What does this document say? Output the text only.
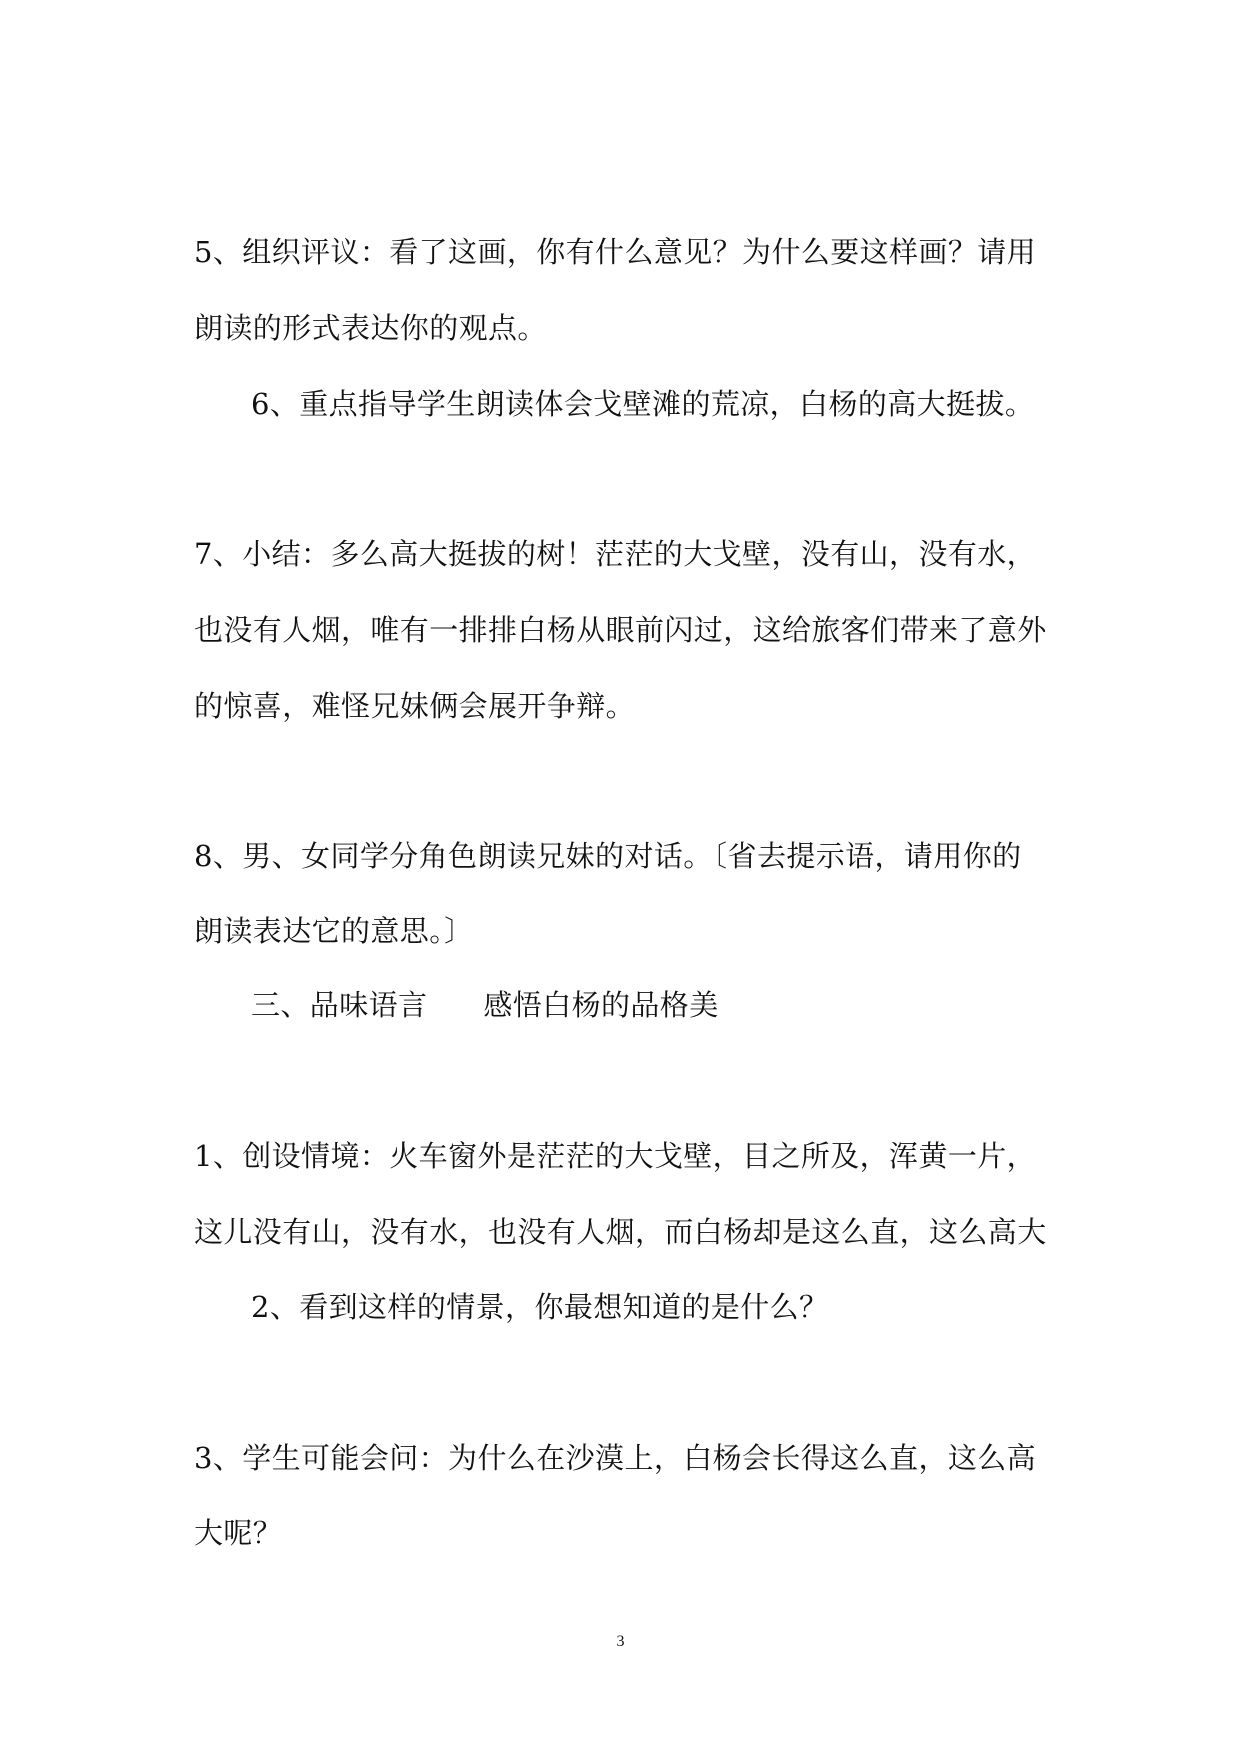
5、组织评议：看了这画，你有什么意见？为什么要这样画？请用
朗读的形式表达你的观点。
6、重点指导学生朗读体会戈壁滩的荒凉，白杨的高大挺拔。
7、小结：多么高大挺拔的树！茫茫的大戈壁，没有山，没有水，
也没有人烟，唯有一排排白杨从眼前闪过，这给旅客们带来了意外
的惊喜，难怪兄妹俩会展开争辩。
8、男、女同学分角色朗读兄妹的对话。〔省去提示语，请用你的
朗读表达它的意思。〕
三、品味语言 感悟白杨的品格美
1、创设情境：火车窗外是茫茫的大戈壁，目之所及，浑黄一片，
这儿没有山，没有水，也没有人烟，而白杨却是这么直，这么高大
2、看到这样的情景，你最想知道的是什么？
3、学生可能会问：为什么在沙漠上，白杨会长得这么直，这么高
大呢？
3
